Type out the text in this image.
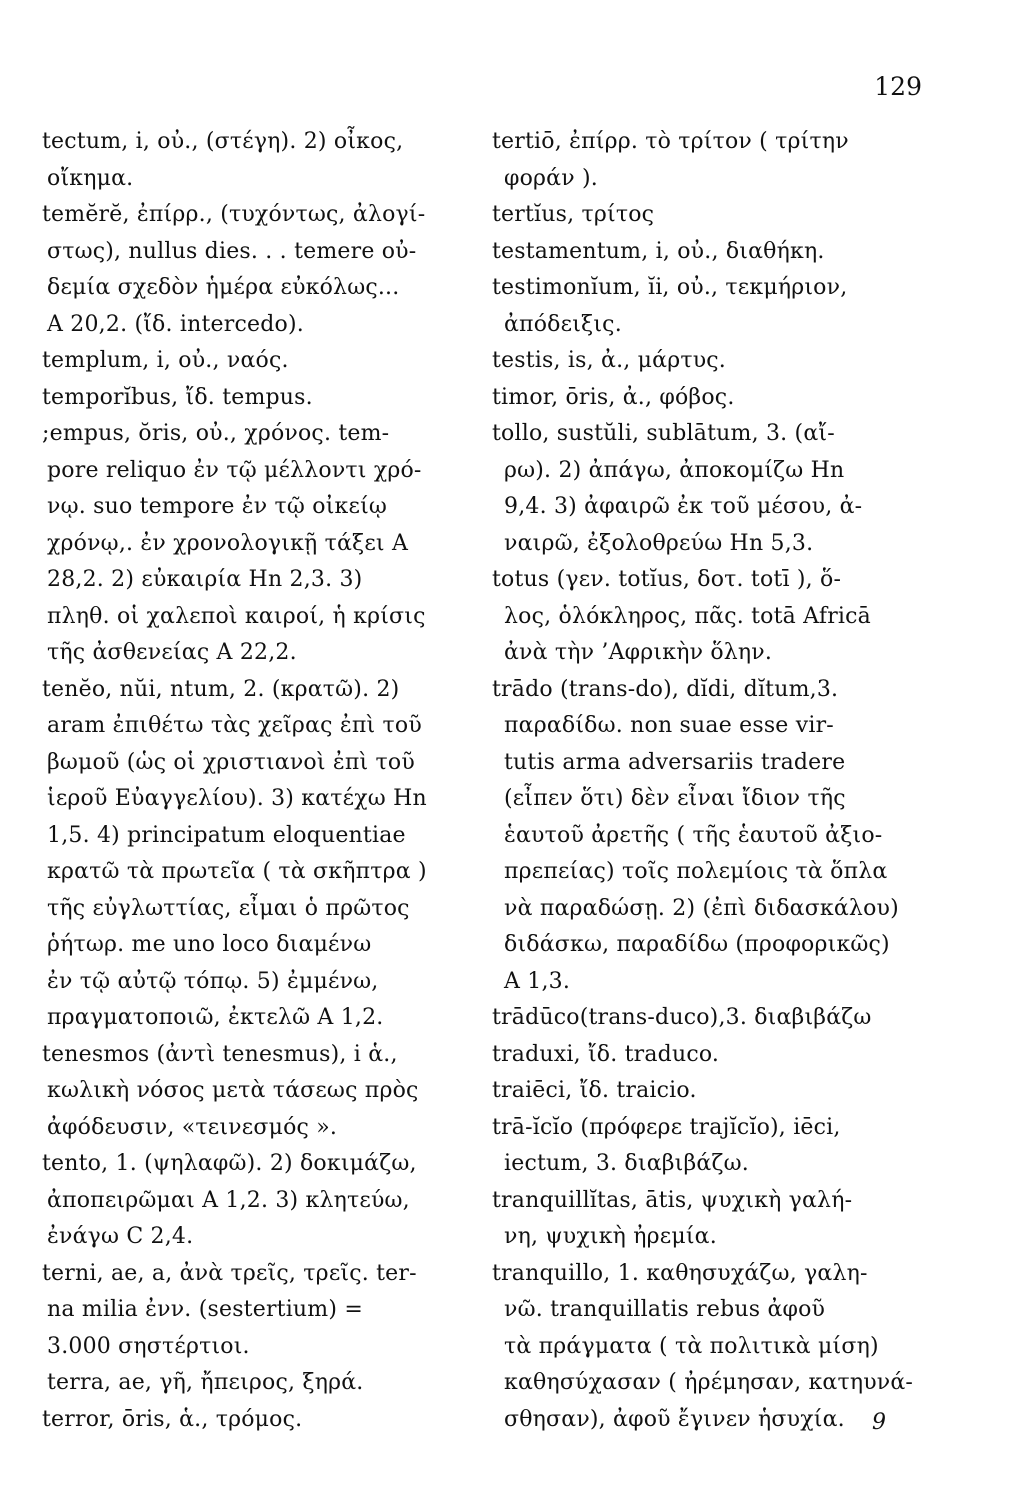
129
tectum, i, οὐ., (στέγη). 2) οἶκος,
οἴκημα.
temĕrĕ, ἐπίρρ., (τυχόντως, ἀλογί-
στως), nullus dies. . . temere οὐ-
δεμία σχεδὸν ἡμέρα εὐκόλως...
A 20,2. (ἴδ. intercedo).
templum, i, οὐ., ναός.
temporĭbus, ἴδ. tempus.
;empus, ŏris, οὐ., χρόνος. tem-
pore reliquo ἐν τῷ μέλλοντι χρό-
νῳ. suo tempore ἐν τῷ οἰκείῳ
χρόνῳ,. ἐν χρονολογικῇ τάξει A
28,2. 2) εὐκαιρία Hn 2,3. 3)
πληθ. οἱ χαλεποὶ καιροί, ἡ κρίσις
τῆς ἀσθενείας A 22,2.
tenĕo, nŭi, ntum, 2. (κρατῶ). 2)
aram ἐπιθέτω τὰς χεῖρας ἐπὶ τοῦ
βωμοῦ (ὡς οἱ χριστιανοὶ ἐπὶ τοῦ
ἱεροῦ Εὐαγγελίου). 3) κατέχω Hn
1,5. 4) principatum eloquentiae
κρατῶ τὰ πρωτεῖα ( τὰ σκῆπτρα )
τῆς εὐγλωττίας, εἶμαι ὁ πρῶτος
ῥήτωρ. me uno loco διαμένω
ἐν τῷ αὐτῷ τόπῳ. 5) ἐμμένω,
πραγματοποιῶ, ἐκτελῶ A 1,2.
tenesmos (ἀντὶ tenesmus), i ἁ.,
κωλικὴ νόσος μετὰ τάσεως πρὸς
ἀφόδευσιν, «τεινεσμός ».
tento, 1. (ψηλαφῶ). 2) δοκιμάζω,
ἀποπειρῶμαι A 1,2. 3) κλητεύω,
ἐνάγω C 2,4.
terni, ae, a, ἀνὰ τρεῖς, τρεῖς. ter-
na milia ἐνν. (sestertium) =
3.000 σηστέρτιοι.
terra, ae, γῆ, ἤπειρος, ξηρά.
terror, ōris, ἁ., τρόμος.
tertiō, ἐπίρρ. τὸ τρίτον ( τρίτην
φοράν ).
tertĭus, τρίτος
testamentum, i, οὐ., διαθήκη.
testimonĭum, ĭi, οὐ., τεκμήριον,
ἀπόδειξις.
testis, is, ἀ., μάρτυς.
timor, ōris, ἀ., φόβος.
tollo, sustŭli, sublātum, 3. (αἴ-
ρω). 2) ἀπάγω, ἀποκομίζω Hn
9,4. 3) ἀφαιρῶ ἐκ τοῦ μέσου, ἀ-
ναιρῶ, ἐξολοθρεύω Hn 5,3.
totus (γεν. totĭus, δοτ. totī ), ὅ-
λος, ὁλόκληρος, πᾶς. totā Africā
ἀνὰ τὴν ’Αφρικὴν ὅλην.
trādo (trans-do), dĭdi, dĭtum,3.
παραδίδω. non suae esse vir-
tutis arma adversariis tradere
(εἶπεν ὅτι) δὲν εἶναι ἴδιον τῆς
ἑαυτοῦ ἀρετῆς ( τῆς ἑαυτοῦ ἀξιο-
πρεπείας) τοῖς πολεμίοις τὰ ὅπλα
νὰ παραδώσῃ. 2) (ἐπὶ διδασκάλου)
διδάσκω, παραδίδω (προφορικῶς)
A 1,3.
trādūco(trans-duco),3. διαβιβάζω
traduxi, ἴδ. traduco.
traiēci, ἴδ. traicio.
trā-ĭcĭo (πρόφερε trajĭcĭo), iēci,
iectum, 3. διαβιβάζω.
tranquillĭtas, ātis, ψυχικὴ γαλή-
νη, ψυχικὴ ἠρεμία.
tranquillo, 1. καθησυχάζω, γαλη-
νῶ. tranquillatis rebus ἀφοῦ
τὰ πράγματα ( τὰ πολιτικὰ μίση)
καθησύχασαν ( ἠρέμησαν, κατηυνά-
σθησαν), ἀφοῦ ἔγινεν ἡσυχία.	9
